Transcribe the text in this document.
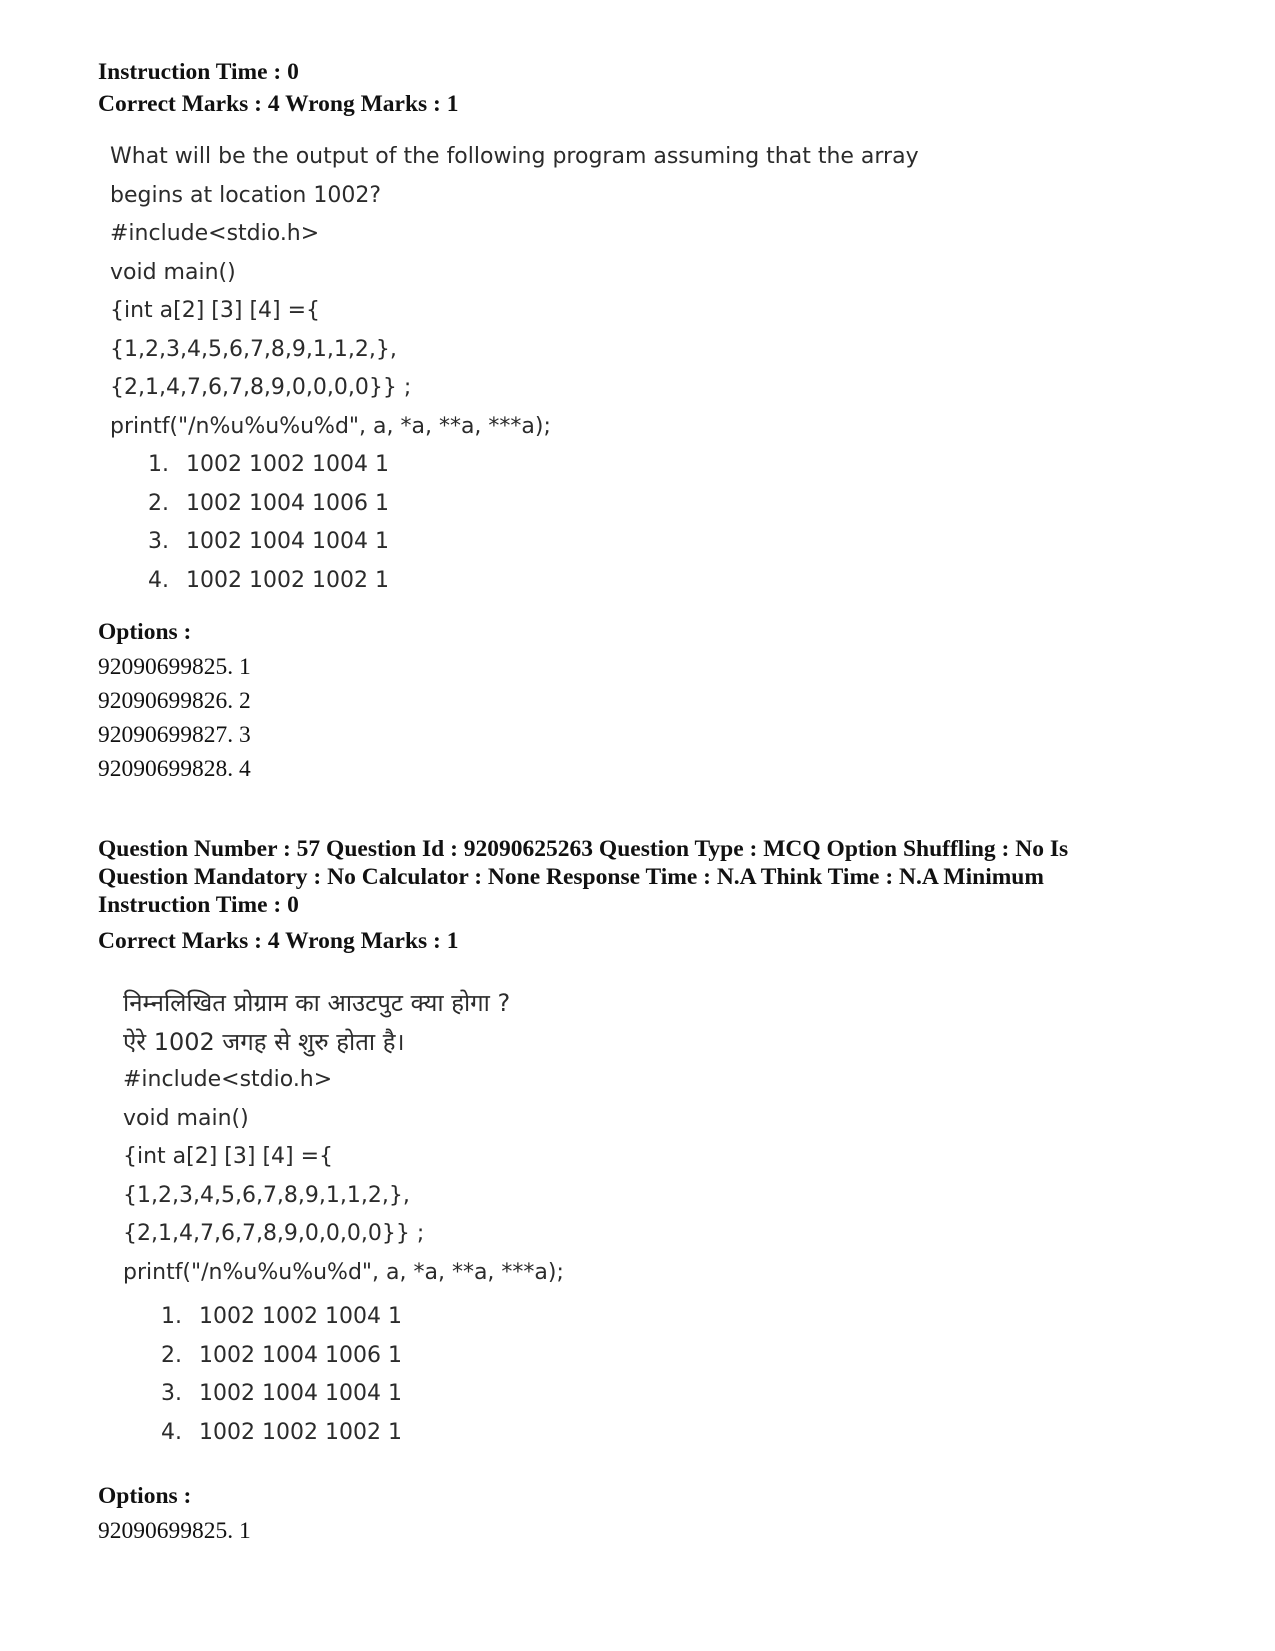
Instruction Time : 0
Correct Marks : 4 Wrong Marks : 1
What will be the output of the following program assuming that the array
begins at location 1002?
#include<stdio.h>
void main()
{int a[2] [3] [4] ={
{1,2,3,4,5,6,7,8,9,1,1,2,},
{2,1,4,7,6,7,8,9,0,0,0,0}} ;
printf("/n%u%u%u%d", a, *a, **a, ***a);
1. 1002 1002 1004 1
2. 1002 1004 1006 1
3. 1002 1004 1004 1
4. 1002 1002 1002 1
Options :
92090699825. 1
92090699826. 2
92090699827. 3
92090699828. 4
Question Number : 57 Question Id : 92090625263 Question Type : MCQ Option Shuffling : No Is
Question Mandatory : No Calculator : None Response Time : N.A Think Time : N.A Minimum
Instruction Time : 0
Correct Marks : 4 Wrong Marks : 1
निम्नलिखित प्रोग्राम का आउटपुट क्या होगा ?
ऐरे 1002 जगह से शुरु होता है।
#include<stdio.h>
void main()
{int a[2] [3] [4] ={
{1,2,3,4,5,6,7,8,9,1,1,2,},
{2,1,4,7,6,7,8,9,0,0,0,0}} ;
printf("/n%u%u%u%d", a, *a, **a, ***a);
1. 1002 1002 1004 1
2. 1002 1004 1006 1
3. 1002 1004 1004 1
4. 1002 1002 1002 1
Options :
92090699825. 1
